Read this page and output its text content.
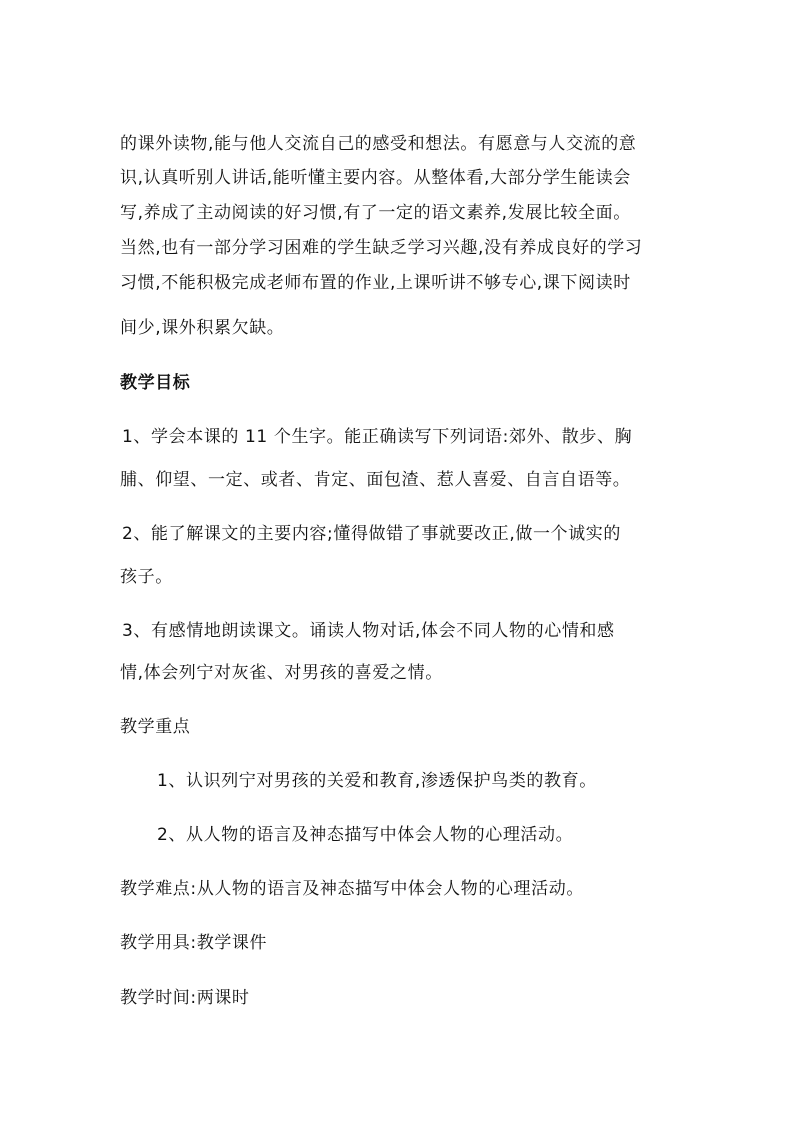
的课外读物,能与他人交流自己的感受和想法。有愿意与人交流的意
识,认真听别人讲话,能听懂主要内容。从整体看,大部分学生能读会
写,养成了主动阅读的好习惯,有了一定的语文素养,发展比较全面。
当然,也有一部分学习困难的学生缺乏学习兴趣,没有养成良好的学习
习惯,不能积极完成老师布置的作业,上课听讲不够专心,课下阅读时
间少,课外积累欠缺。
教学目标
1、学会本课的 11 个生字。能正确读写下列词语:郊外、散步、胸
脯、仰望、一定、或者、肯定、面包渣、惹人喜爱、自言自语等。
2、能了解课文的主要内容;懂得做错了事就要改正,做一个诚实的
孩子。
3、有感情地朗读课文。诵读人物对话,体会不同人物的心情和感
情,体会列宁对灰雀、对男孩的喜爱之情。
教学重点
1、认识列宁对男孩的关爱和教育,渗透保护鸟类的教育。
2、从人物的语言及神态描写中体会人物的心理活动。
教学难点:从人物的语言及神态描写中体会人物的心理活动。
教学用具:教学课件
教学时间:两课时
